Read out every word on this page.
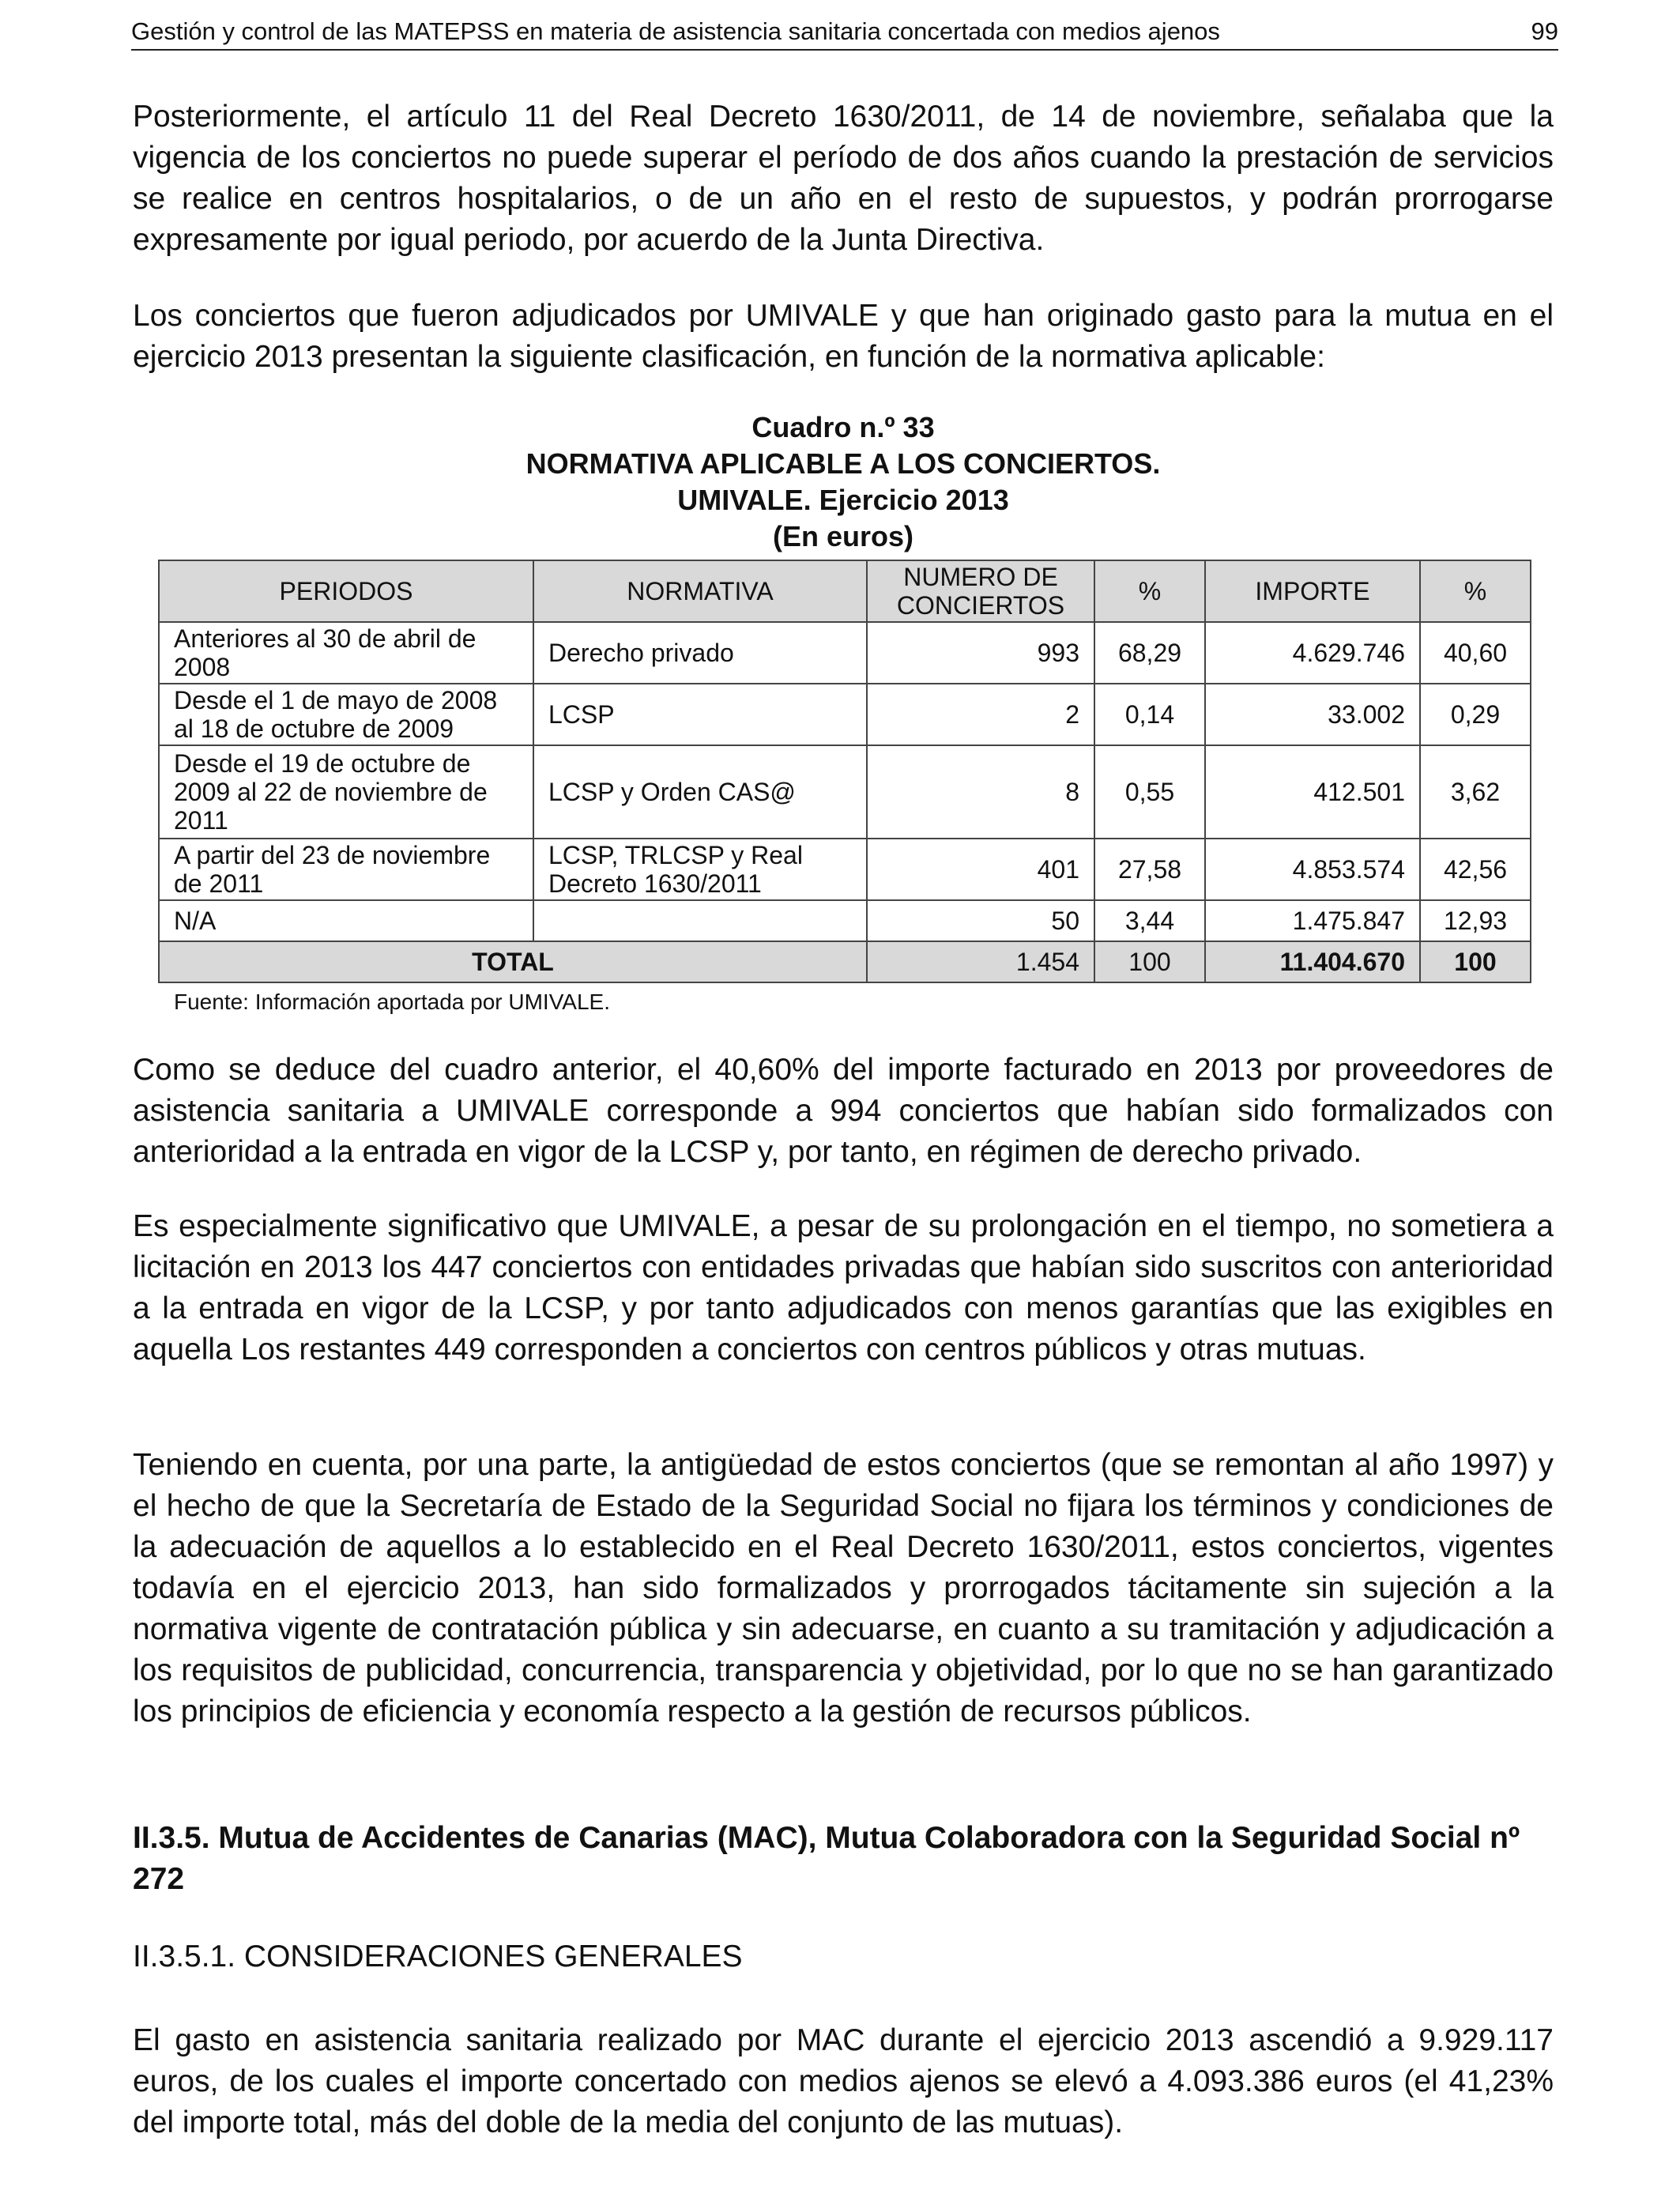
Gestión y control de las MATEPSS en materia de asistencia sanitaria concertada con medios ajenos	99

Posteriormente, el artículo 11 del Real Decreto 1630/2011, de 14 de noviembre, señalaba que la vigencia de los conciertos no puede superar el período de dos años cuando la prestación de servicios se realice en centros hospitalarios, o de un año en el resto de supuestos, y podrán prorrogarse expresamente por igual periodo, por acuerdo de la Junta Directiva.

Los conciertos que fueron adjudicados por UMIVALE y que han originado gasto para la mutua en el ejercicio 2013 presentan la siguiente clasificación, en función de la normativa aplicable:

Cuadro n.º 33

NORMATIVA APLICABLE A LOS CONCIERTOS.

UMIVALE. Ejercicio 2013

(En euros)

PERIODOS	NORMATIVA	NUMERO DE CONCIERTOS	%	IMPORTE	%
Anteriores al 30 de abril de 2008	Derecho privado	993	68,29	4.629.746	40,60
Desde el 1 de mayo de 2008 al 18 de octubre de 2009	LCSP	2	0,14	33.002	0,29
Desde el 19 de octubre de 2009 al 22 de noviembre de 2011	LCSP y Orden CAS@	8	0,55	412.501	3,62
A partir del 23 de noviembre de 2011	LCSP, TRLCSP y Real Decreto 1630/2011	401	27,58	4.853.574	42,56
N/A		50	3,44	1.475.847	12,93
TOTAL		1.454	100	11.404.670	100
Fuente: Información aportada por UMIVALE.

Como se deduce del cuadro anterior, el 40,60% del importe facturado en 2013 por proveedores de asistencia sanitaria a UMIVALE corresponde a 994 conciertos que habían sido formalizados con anterioridad a la entrada en vigor de la LCSP y, por tanto, en régimen de derecho privado.

Es especialmente significativo que UMIVALE, a pesar de su prolongación en el tiempo, no sometiera a licitación en 2013 los 447 conciertos con entidades privadas que habían sido suscritos con anterioridad a la entrada en vigor de la LCSP, y por tanto adjudicados con menos garantías que las exigibles en aquella Los restantes 449 corresponden a conciertos con centros públicos y otras mutuas.

Teniendo en cuenta, por una parte, la antigüedad de estos conciertos (que se remontan al año 1997) y el hecho de que la Secretaría de Estado de la Seguridad Social no fijara los términos y condiciones de la adecuación de aquellos a lo establecido en el Real Decreto 1630/2011, estos conciertos, vigentes todavía en el ejercicio 2013, han sido formalizados y prorrogados tácitamente sin sujeción a la normativa vigente de contratación pública y sin adecuarse, en cuanto a su tramitación y adjudicación a los requisitos de publicidad, concurrencia, transparencia y objetividad, por lo que no se han garantizado los principios de eficiencia y economía respecto a la gestión de recursos públicos.

II.3.5. Mutua de Accidentes de Canarias (MAC), Mutua Colaboradora con la Seguridad Social nº 272

II.3.5.1. CONSIDERACIONES GENERALES

El gasto en asistencia sanitaria realizado por MAC durante el ejercicio 2013 ascendió a 9.929.117 euros, de los cuales el importe concertado con medios ajenos se elevó a 4.093.386 euros (el 41,23% del importe total, más del doble de la media del conjunto de las mutuas).
